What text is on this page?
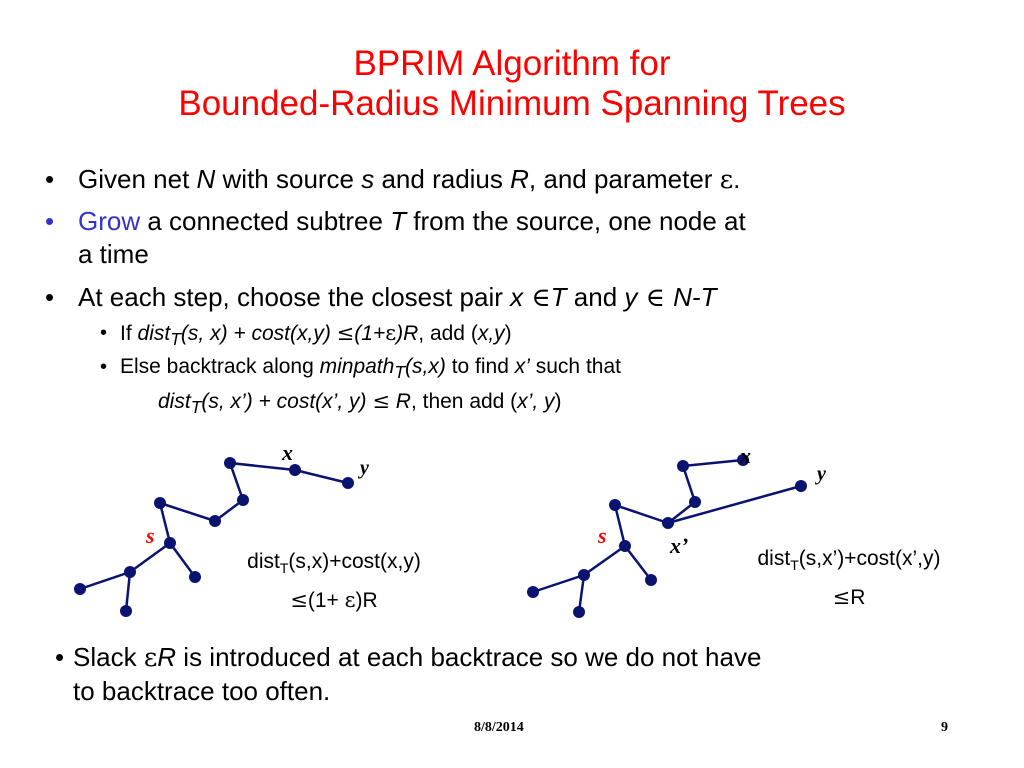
BPRIM Algorithm for
Bounded-Radius Minimum Spanning Trees
• Given net N with source s and radius R, and parameter ε.
• Grow a connected subtree T from the source, one node at
a time
• At each step, choose the closest pair x ∈T and y ∈ N-T
• If dist$_T$(s, x) + cost(x,y) ≤(1+ε)R, add (x,y)
• Else backtrack along minpath$_T$(s,x) to find x’ such that
dist$_T$(s, x’) + cost(x’, y) ≤ R, then add (x’, y)
x
y
s
x
y
s	x’
dist$_T$(s,x)+cost(x,y)
≤(1+ ε)R
dist$_T$(s,x’)+cost(x’,y)
≤R
• Slack εR is introduced at each backtrace so we do not have
to backtrace too often.
8/8/2014	9
